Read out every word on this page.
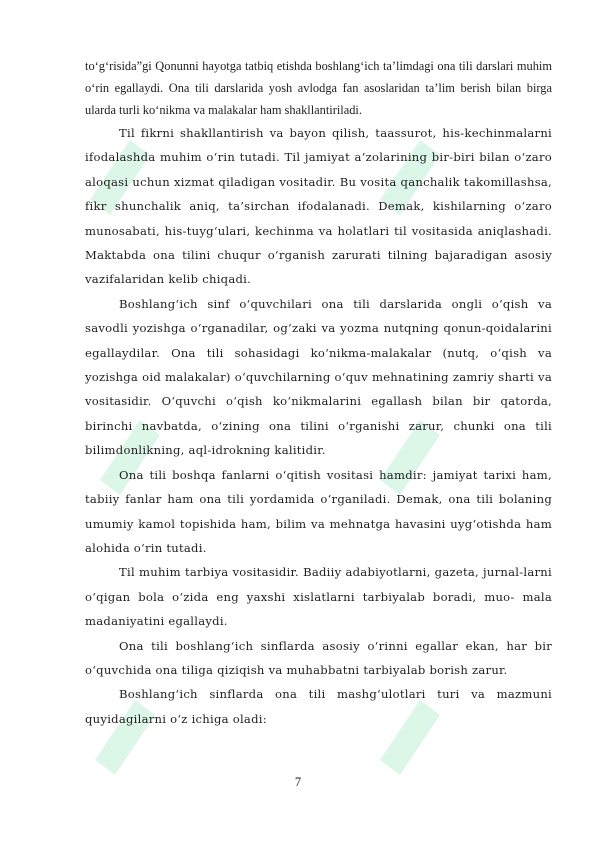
to‘g‘risida”gi Qonunni hayotga tatbiq etishda boshlang‘ich ta’limdagi ona tili darslari muhim o‘rin egallaydi. Ona tili darslarida yosh avlodga fan asoslaridan ta’lim berish bilan birga ularda turli ko‘nikma va malakalar ham shakllantiriladi.

Til fikrni shakllantirish va bayon qilish, taassurot, his-kechinmalarni ifodalashda muhim o‘rin tutadi. Til jamiyat a’zolarining bir-biri bilan o‘zaro aloqasi uchun xizmat qiladigan vositadir. Bu vosita qanchalik takomillashsa, fikr shunchalik aniq, ta’sirchan ifodalanadi. Demak, kishilarning o‘zaro munosabati, his-tuyg‘ulari, kechinma va holatlari til vositasida aniqlashadi. Maktabda ona tilini chuqur o‘rganish zarurati tilning bajaradigan asosiy vazifalaridan kelib chiqadi.

Boshlang‘ich sinf o‘quvchilari ona tili darslarida ongli o‘qish va savodli yozishga o‘rganadilar, og‘zaki va yozma nutqning qonun-qoidalarini egallaydilar. Ona tili sohasidagi ko‘nikma-malakalar (nutq, o‘qish va yozishga oid malakalar) o‘quvchilarning o‘quv mehnatining zamriy sharti va vositasidir. O‘quvchi o‘qish ko‘nikmalarini egallash bilan bir qatorda, birinchi navbatda, o‘zining ona tilini o‘rganishi zarur, chunki ona tili bilimdonlikning, aql-idrokning kalitidir.

Ona tili boshqa fanlarni o‘qitish vositasi hamdir: jamiyat tarixi ham, tabiiy fanlar ham ona tili yordamida o‘rganiladi. Demak, ona tili bolaning umumiy kamol topishida ham, bilim va mehnatga havasini uyg‘otishda ham alohida o‘rin tutadi.

Til muhim tarbiya vositasidir. Badiiy adabiyotlarni, gazeta, jurnal-larni o‘qigan bola o‘zida eng yaxshi xislatlarni tarbiyalab boradi, muo- mala madaniyatini egallaydi.

Ona tili boshlang‘ich sinflarda asosiy o‘rinni egallar ekan, har bir o‘quvchida ona tiliga qiziqish va muhabbatni tarbiyalab borish zarur.

Boshlang‘ich sinflarda ona tili mashg‘ulotlari turi va mazmuni quyidagilarni o‘z ichiga oladi:

7
